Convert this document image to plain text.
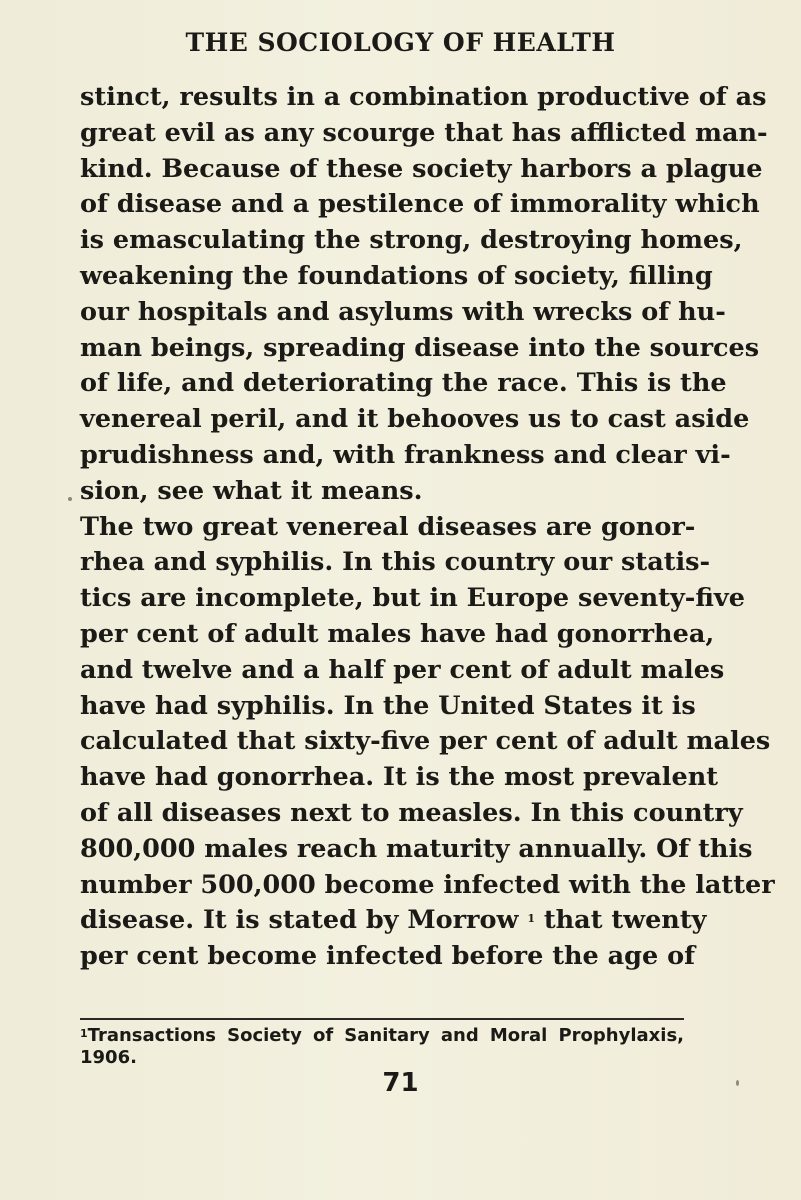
THE SOCIOLOGY OF HEALTH
stinct, results in a combination productive of as
great evil as any scourge that has afflicted man-
kind. Because of these society harbors a plague
of disease and a pestilence of immorality which
is emasculating the strong, destroying homes,
weakening the foundations of society, filling
our hospitals and asylums with wrecks of hu-
man beings, spreading disease into the sources
of life, and deteriorating the race. This is the
venereal peril, and it behooves us to cast aside
prudishness and, with frankness and clear vi-
sion, see what it means.
The two great venereal diseases are gonor-
rhea and syphilis. In this country our statis-
tics are incomplete, but in Europe seventy-five
per cent of adult males have had gonorrhea,
and twelve and a half per cent of adult males
have had syphilis. In the United States it is
calculated that sixty-five per cent of adult males
have had gonorrhea. It is the most prevalent
of all diseases next to measles. In this country
800,000 males reach maturity annually. Of this
number 500,000 become infected with the latter
disease. It is stated by Morrow $^1$ that twenty
per cent become infected before the age of
$^1$Transactions Society of Sanitary and Moral Prophylaxis,
1906.
71
